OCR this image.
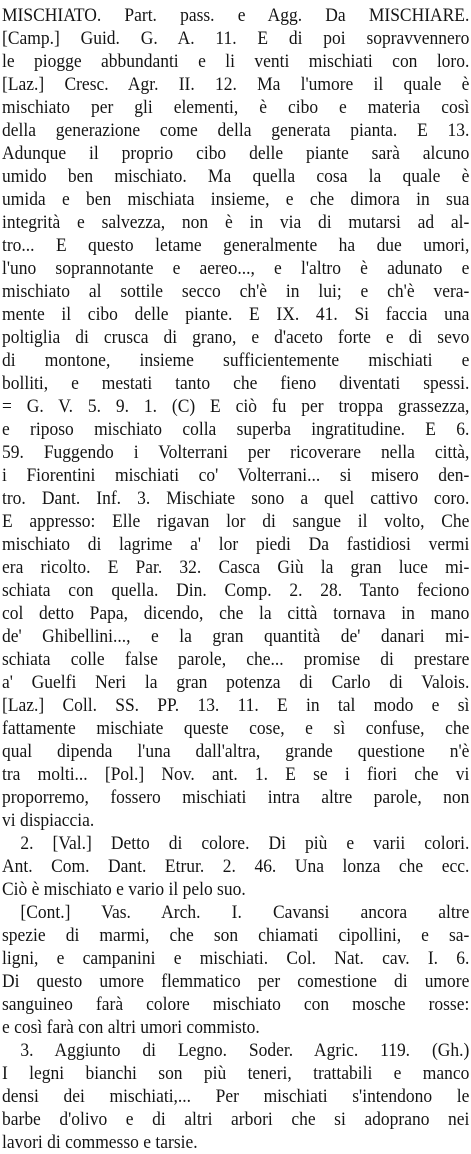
MISCHIATO. Part. pass. e Agg. Da MISCHIARE.
[Camp.] Guid. G. A. 11. E di poi sopravvennero
le piogge abbundanti e li venti mischiati con loro.
[Laz.] Cresc. Agr. II. 12. Ma l'umore il quale è
mischiato per gli elementi, è cibo e materia così
della generazione come della generata pianta. E 13.
Adunque il proprio cibo delle piante sarà alcuno
umido ben mischiato. Ma quella cosa la quale è
umida e ben mischiata insieme, e che dimora in sua
integrità e salvezza, non è in via di mutarsi ad al-
tro... E questo letame generalmente ha due umori,
l'uno soprannotante e aereo..., e l'altro è adunato e
mischiato al sottile secco ch'è in lui; e ch'è vera-
mente il cibo delle piante. E IX. 41. Si faccia una
poltiglia di crusca di grano, e d'aceto forte e di sevo
di montone, insieme sufficientemente mischiati e
bolliti, e mestati tanto che fieno diventati spessi.
= G. V. 5. 9. 1. (C) E ciò fu per troppa grassezza,
e riposo mischiato colla superba ingratitudine. E 6.
59. Fuggendo i Volterrani per ricoverare nella città,
i Fiorentini mischiati co' Volterrani... si misero den-
tro. Dant. Inf. 3. Mischiate sono a quel cattivo coro.
E appresso: Elle rigavan lor di sangue il volto, Che
mischiato di lagrime a' lor piedi Da fastidiosi vermi
era ricolto. E Par. 32. Casca Giù la gran luce mi-
schiata con quella. Din. Comp. 2. 28. Tanto feciono
col detto Papa, dicendo, che la città tornava in mano
de' Ghibellini..., e la gran quantità de' danari mi-
schiata colle false parole, che... promise di prestare
a' Guelfi Neri la gran potenza di Carlo di Valois.
[Laz.] Coll. SS. PP. 13. 11. E in tal modo e sì
fattamente mischiate queste cose, e sì confuse, che
qual dipenda l'una dall'altra, grande questione n'è
tra molti... [Pol.] Nov. ant. 1. E se i fiori che vi
proporremo, fossero mischiati intra altre parole, non
vi dispiaccia.
2. [Val.] Detto di colore. Di più e varii colori.
Ant. Com. Dant. Etrur. 2. 46. Una lonza che ecc.
Ciò è mischiato e vario il pelo suo.
[Cont.] Vas. Arch. I. Cavansi ancora altre
spezie di marmi, che son chiamati cipollini, e sa-
ligni, e campanini e mischiati. Col. Nat. cav. I. 6.
Di questo umore flemmatico per comestione di umore
sanguineo farà colore mischiato con mosche rosse:
e così farà con altri umori commisto.
3. Aggiunto di Legno. Soder. Agric. 119. (Gh.)
I legni bianchi son più teneri, trattabili e manco
densi dei mischiati,... Per mischiati s'intendono le
barbe d'olivo e di altri arbori che si adoprano nei
lavori di commesso e tarsie.
